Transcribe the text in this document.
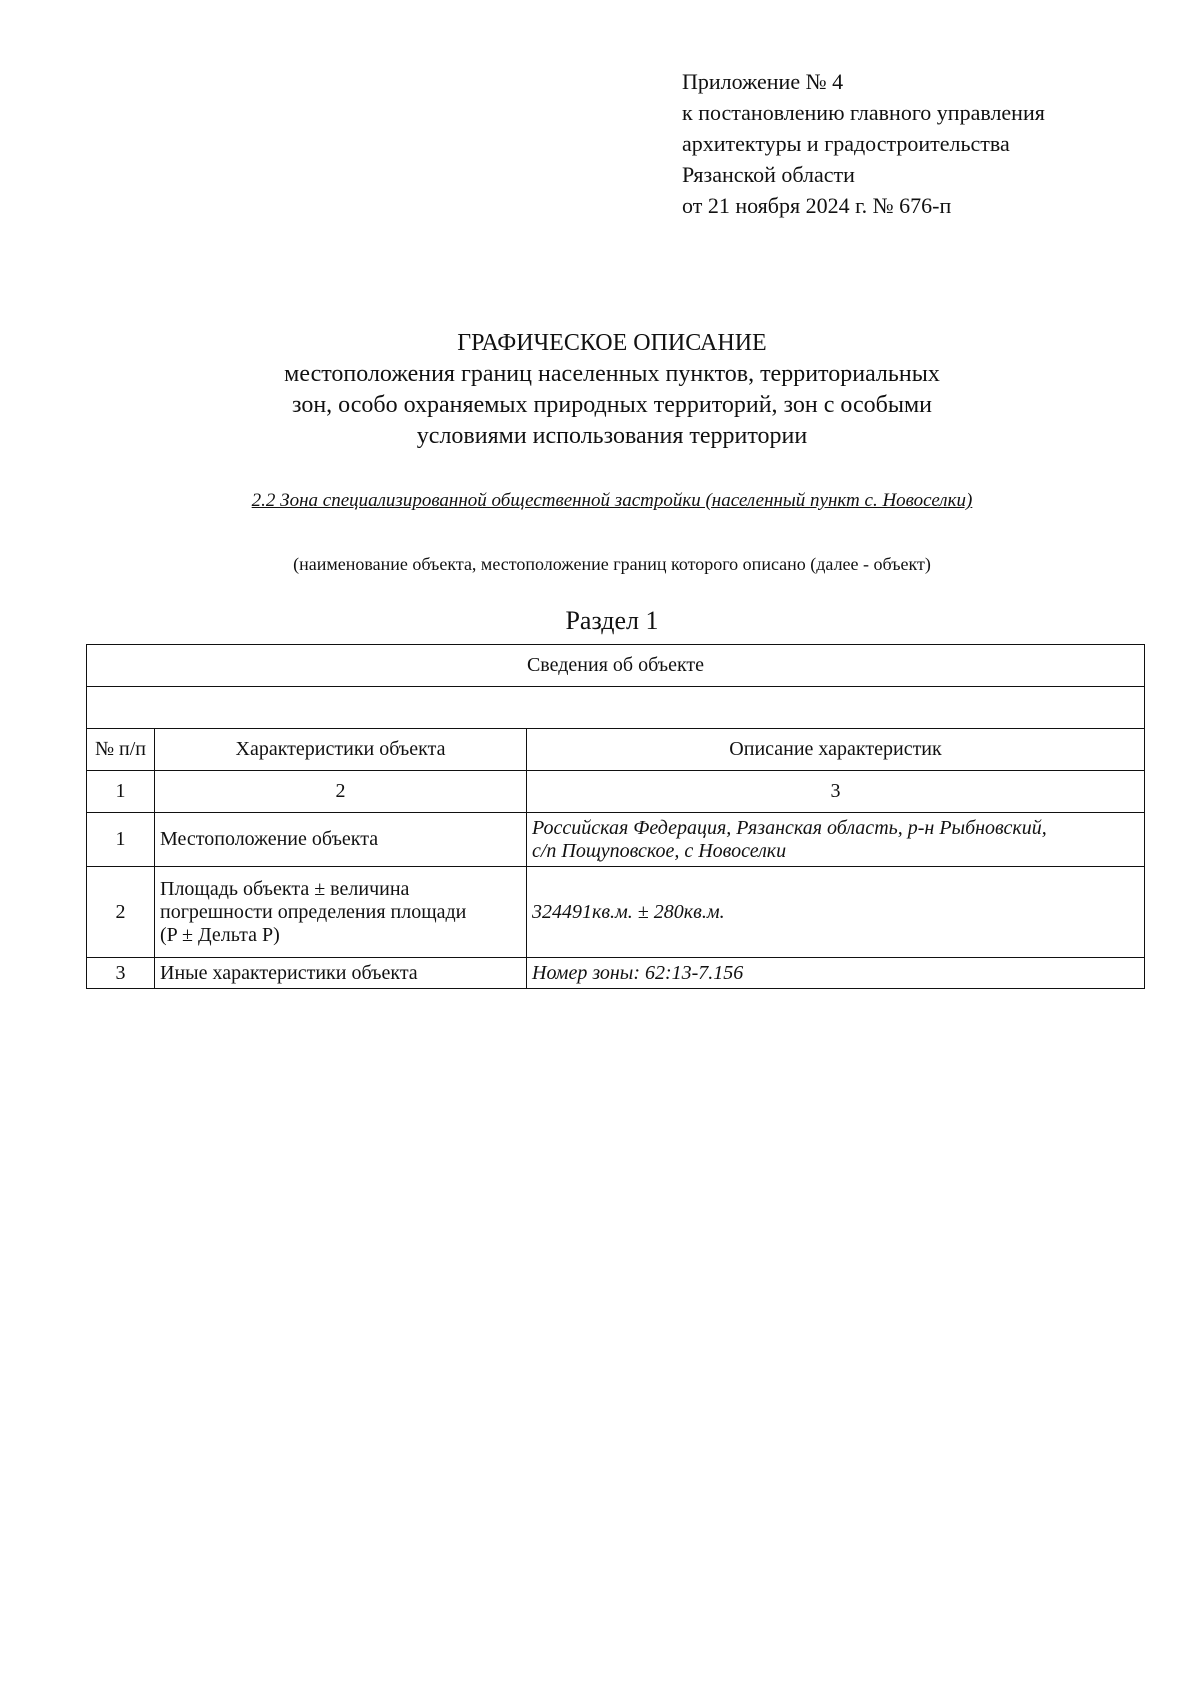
Приложение № 4
к постановлению главного управления
архитектуры и градостроительства
Рязанской области
от 21 ноября 2024 г. № 676-п
ГРАФИЧЕСКОЕ ОПИСАНИЕ
местоположения границ населенных пунктов, территориальных
зон, особо охраняемых природных территорий, зон с особыми
условиями использования территории
2.2 Зона специализированной общественной застройки (населенный пункт с. Новоселки)
(наименование объекта, местоположение границ которого описано (далее - объект)
Раздел 1
Сведения об объекте		

№ п/п	Характеристики объекта	Описание характеристик
1	2	3
1	Местоположение объекта	Российская Федерация, Рязанская область, р-н Рыбновский,
с/п Пощуповское, с Новоселки

2	Площадь объекта ± величина
погрешности определения площади
(P ± Дельта P)	324491кв.м. ± 280кв.м.
3	Иные характеристики объекта	Номер зоны: 62:13-7.156
